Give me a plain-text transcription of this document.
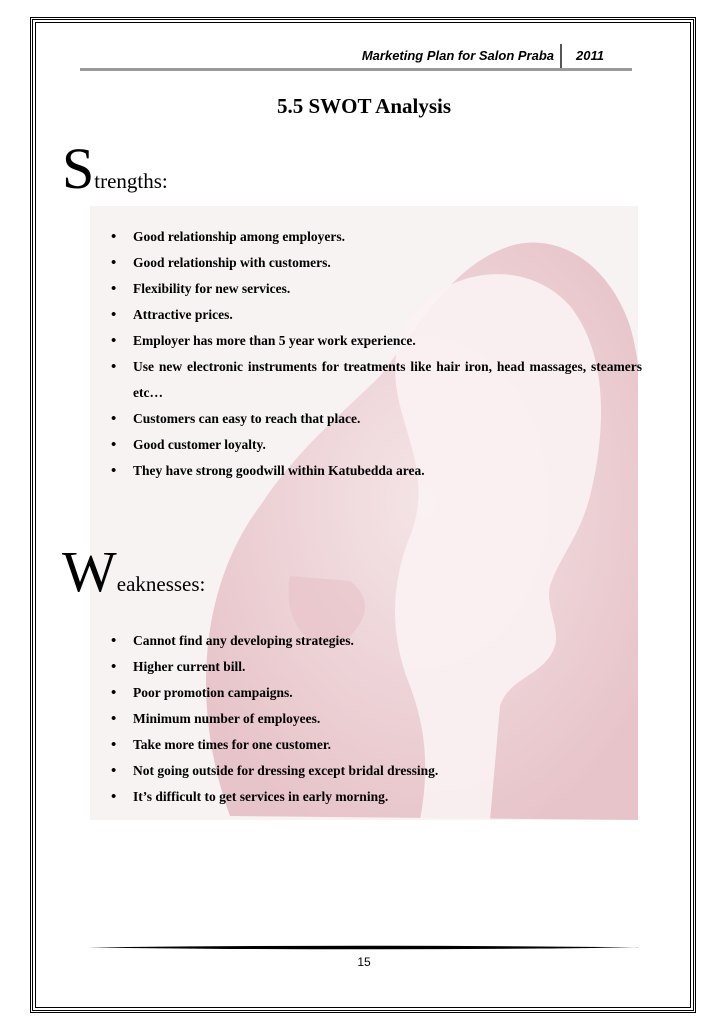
Marketing Plan for Salon Praba 2011
5.5 SWOT Analysis
Strengths:
• Good relationship among employers.
• Good relationship with customers.
• Flexibility for new services.
• Attractive prices.
• Employer has more than 5 year work experience.
• Use new electronic instruments for treatments like hair iron, head massages, steamers etc…
• Customers can easy to reach that place.
• Good customer loyalty.
• They have strong goodwill within Katubedda area.
Weaknesses:
• Cannot find any developing strategies.
• Higher current bill.
• Poor promotion campaigns.
• Minimum number of employees.
• Take more times for one customer.
• Not going outside for dressing except bridal dressing.
• It’s difficult to get services in early morning.
15
